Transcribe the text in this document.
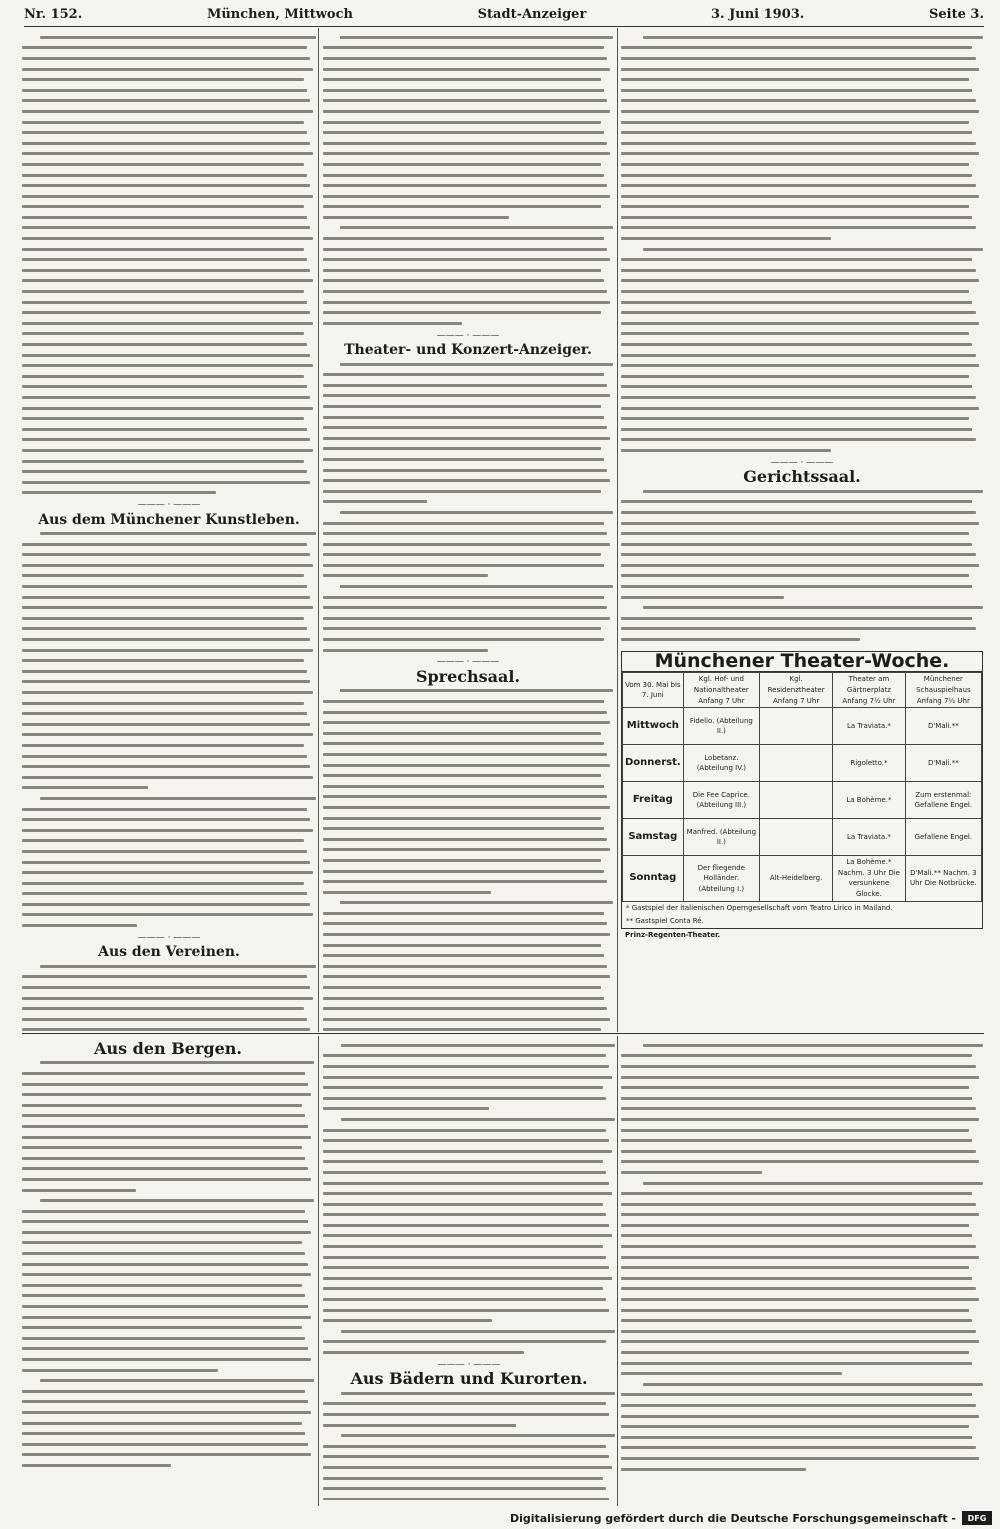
Nr. 152.	München, Mittwoch	Stadt-Anzeiger	3. Juni 1903.	Seite 3.
——— · ———
Aus dem Münchener Kunstleben.
——— · ———
Aus den Vereinen.
——— · ———
Theater- und Konzert-Anzeiger.
——— · ———
Sprechsaal.
——— · ———
Gerichtssaal.
Münchener Theater-Woche.
Vom 30. Mai bis 7. Juni	Kgl. Hof- und Nationaltheater Anfang 7 Uhr	Kgl. Residenztheater Anfang 7 Uhr	Theater am Gärtnerplatz Anfang 7½ Uhr	Münchener Schauspielhaus Anfang 7½ Uhr
Mittwoch	Fidelio. (Abteilung II.)		La Traviata.*	D'Mali.**
Donnerst.	Lobetanz. (Abteilung IV.)		Rigoletto.*	D'Mali.**
Freitag	Die Fee Caprice. (Abteilung III.)		La Bohème.*	Zum erstenmal: Gefallene Engel.
Samstag	Manfred. (Abteilung II.)		La Traviata.*	Gefallene Engel.
Sonntag	Der fliegende Holländer. (Abteilung I.)	Alt-Heidelberg.	La Bohème.* Nachm. 3 Uhr Die versunkene Glocke.	D'Mali.** Nachm. 3 Uhr Die Notbrücke.
* Gastspiel der italienischen Operngesellschaft vom Teatro Lirico in Mailand.
** Gastspiel Conta Ré.
Prinz-Regenten-Theater.
Aus den Bergen.
——— · ———
Aus Bädern und Kurorten.
Digitalisierung gefördert durch die Deutsche Forschungsgemeinschaft -	DFG
